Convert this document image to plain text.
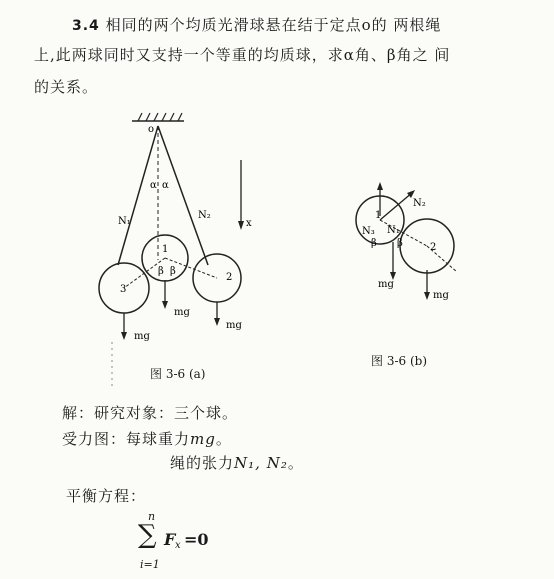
3.4 相同的两个均质光滑球悬在结于定点o的 两根绳
上,此两球同时又支持一个等重的均质球，求α角、β角之 间
的关系。
o
α α
N₁
N₂
x
1
3
2
β β
mg
mg
mg
图 3-6 (a)
N₂
N₃ N₁
1
2
β β
mg
mg
图 3-6 (b)
解：研究对象：三个球。
受力图：每球重力mg。
绳的张力N₁, N₂。
平衡方程：
n
∑
i=1
F x =0
